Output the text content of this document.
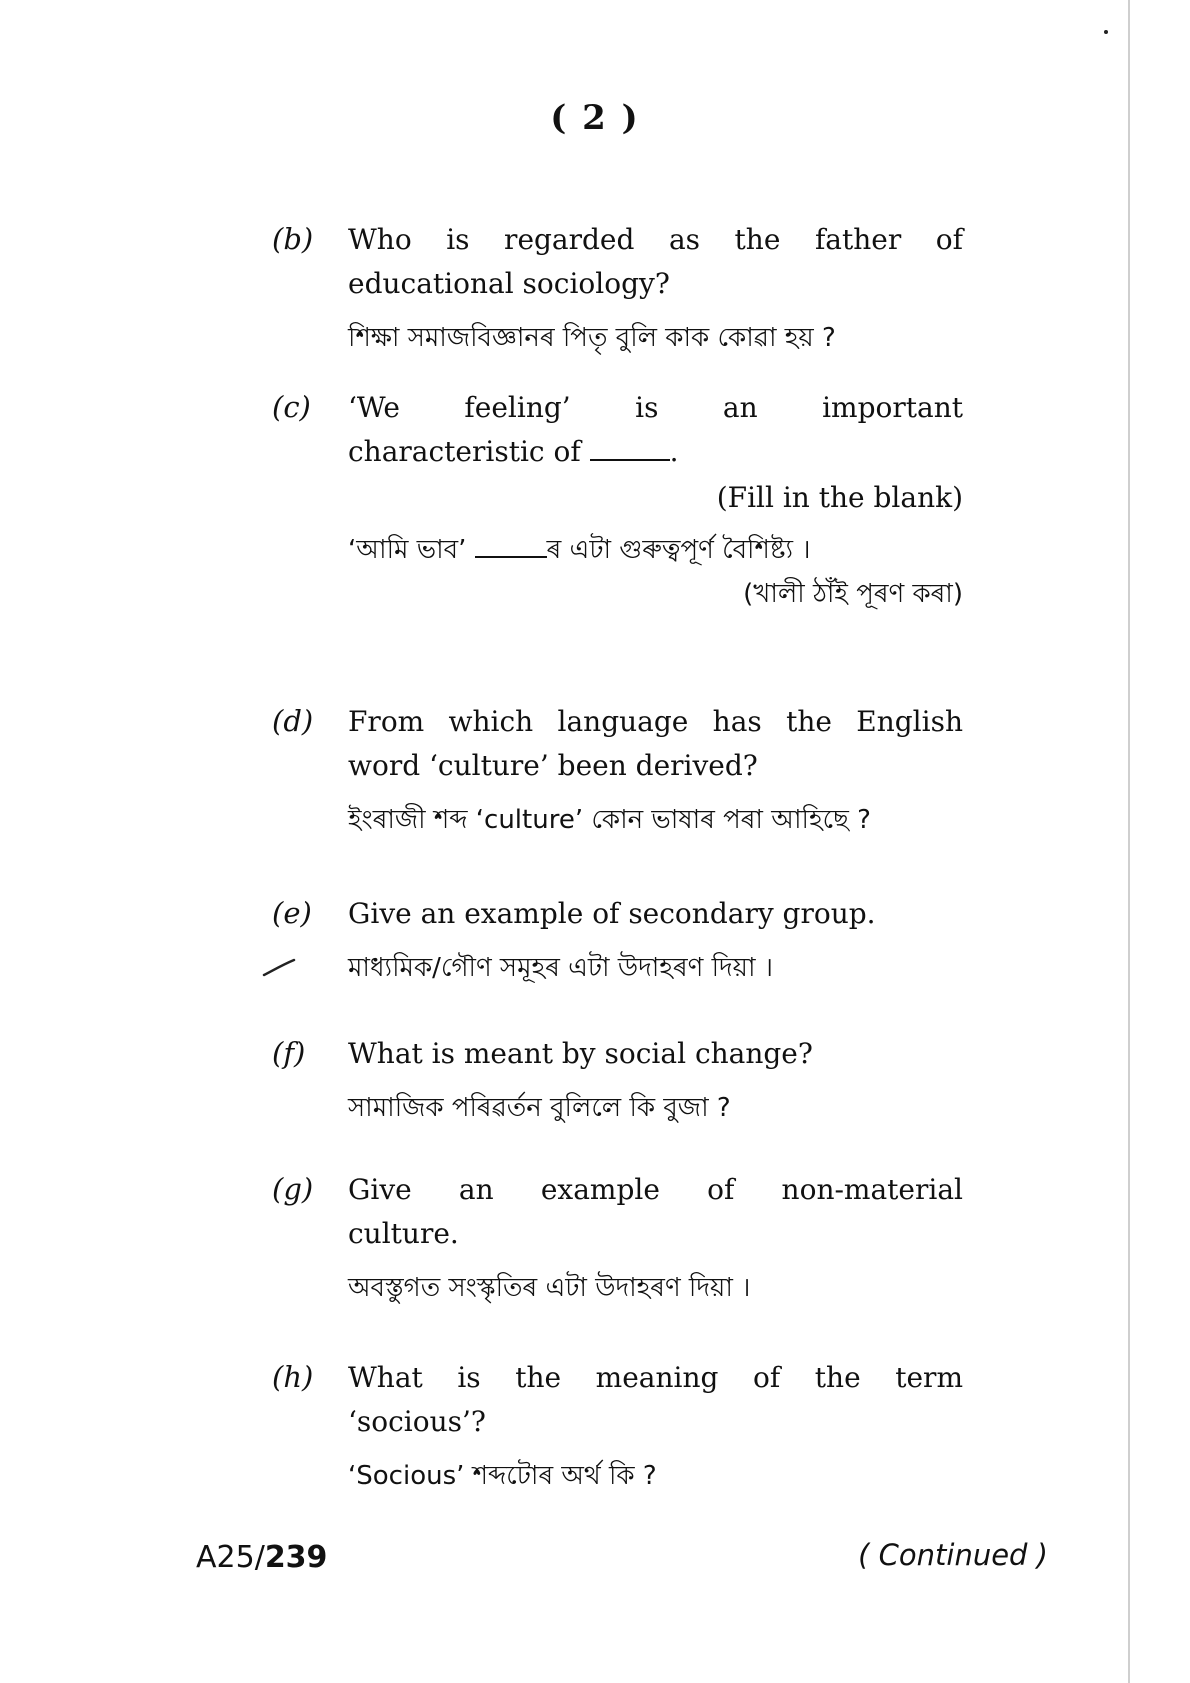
( 2 )
(b) Who is regarded as the father of

educational sociology?

শিক্ষা সমাজবিজ্ঞানৰ পিতৃ বুলি কাক কোৱা হয় ?

(c) ‘We feeling’ is an important

characteristic of	.

(Fill in the blank)

‘আমি ভাব’	ৰ এটা গুৰুত্বপূৰ্ণ বৈশিষ্ট্য ।

(খালী ঠাঁই পূৰণ কৰা)

(d) From which language has the English

word ‘culture’ been derived?

ইংৰাজী শব্দ ‘culture’ কোন ভাষাৰ পৰা আহিছে ?

(e) Give an example of secondary group.

মাধ্যমিক/গৌণ সমূহৰ এটা উদাহৰণ দিয়া ।

(f) What is meant by social change?

সামাজিক পৰিৱৰ্তন বুলিলে কি বুজা ?

(g) Give an example of non-material

culture.

অবস্তুগত সংস্কৃতিৰ এটা উদাহৰণ দিয়া ।

(h) What is the meaning of the term

‘socious’?

‘Socious’ শব্দটোৰ অৰ্থ কি ?

A25/239	( Continued )
